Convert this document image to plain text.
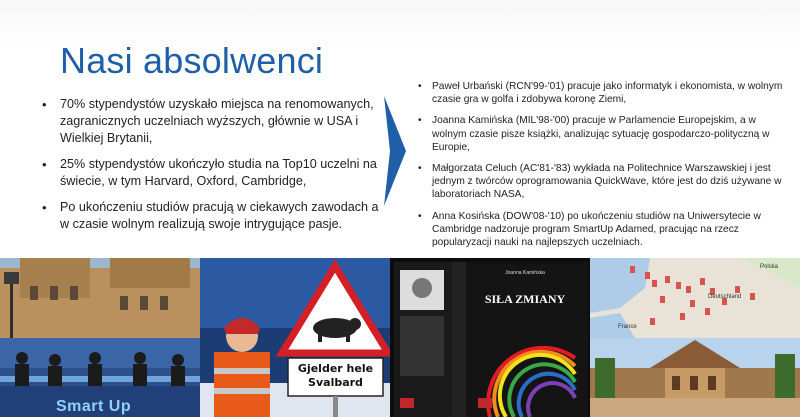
Nasi absolwenci
• 70% stypendystów uzyskało miejsca na renomowanych, zagranicznych uczelniach wyższych, głównie w USA i Wielkiej Brytanii,
• 25% stypendystów ukończyło studia na Top10 uczelni na świecie, w tym Harvard, Oxford, Cambridge,
• Po ukończeniu studiów pracują w ciekawych zawodach a w czasie wolnym realizują swoje intrygujące pasje.
• Paweł Urbański (RCN'99-'01) pracuje jako informatyk i ekonomista, w wolnym czasie gra w golfa i zdobywa koronę Ziemi,
• Joanna Kamińska (MIL'98-'00) pracuje w Parlamencie Europejskim, a w wolnym czasie pisze książki, analizując sytuację gospodarczo-polityczną w Europie,
• Małgorzata Celuch (AC'81-'83) wykłada na Politechnice Warszawskiej i jest jednym z twórców oprogramowania QuickWave, które jest do dziś używane w laboratoriach NASA,
• Anna Kosińska (DOW'08-'10) po ukończeniu studiów na Uniwersytecie w Cambridge nadzoruje program SmartUp Adamed, pracując na rzecz popularyzacji nauki na najlepszych uczelniach.
Gjelder hele
Svalbard
Polska
Deutschland
France
Joanna Kamińska
SIŁA ZMIANY
Smart Up
